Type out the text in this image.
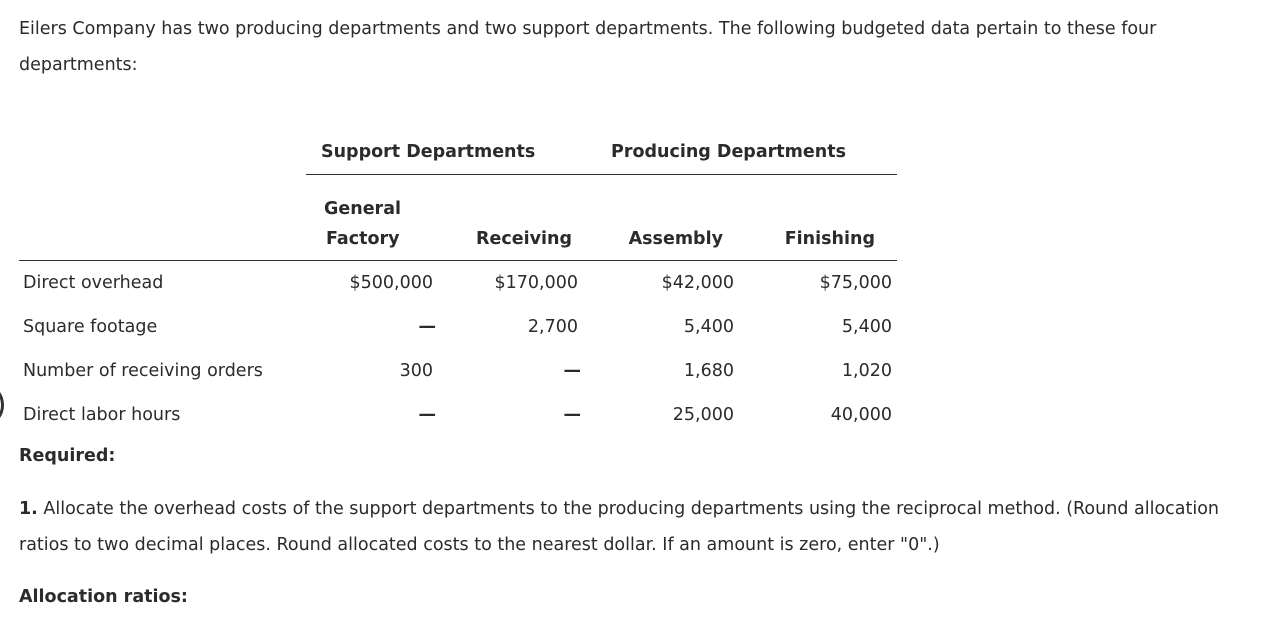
Eilers Company has two producing departments and two support departments. The following budgeted data pertain to these four departments:

	Support Departments		Producing Departments	
	General			
	Factory	Receiving	Assembly	Finishing
Direct overhead	$500,000	$170,000	$42,000	$75,000
Square footage	—	2,700	5,400	5,400
Number of receiving orders	300	—	1,680	1,020
Direct labor hours	—	—	25,000	40,000

Required:

1. Allocate the overhead costs of the support departments to the producing departments using the reciprocal method. (Round allocation ratios to two decimal places. Round allocated costs to the nearest dollar. If an amount is zero, enter "0".)

Allocation ratios:
